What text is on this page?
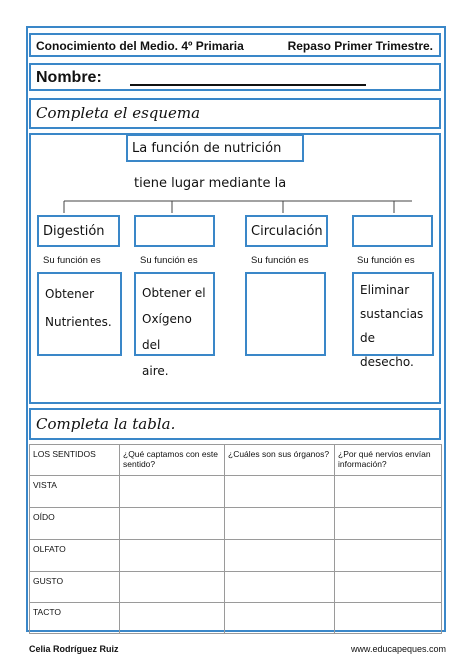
Conocimiento del Medio. 4º Primaria	Repaso Primer Trimestre.
Nombre:
Completa el esquema
La función de nutrición
tiene lugar mediante la
Digestión	Circulación
Su función es	Su función es	Su función es	Su función es
Obtener
Nutrientes.
Obtener el
Oxígeno del
aire.
Eliminar
sustancias de
desecho.
Completa la tabla.
LOS SENTIDOS	¿Qué captamos con este sentido?	¿Cuáles son sus órganos?	¿Por qué nervios envían información?
VISTA			
OÍDO			
OLFATO			
GUSTO			
TACTO			
Celia Rodríguez Ruiz	www.educapeques.com
